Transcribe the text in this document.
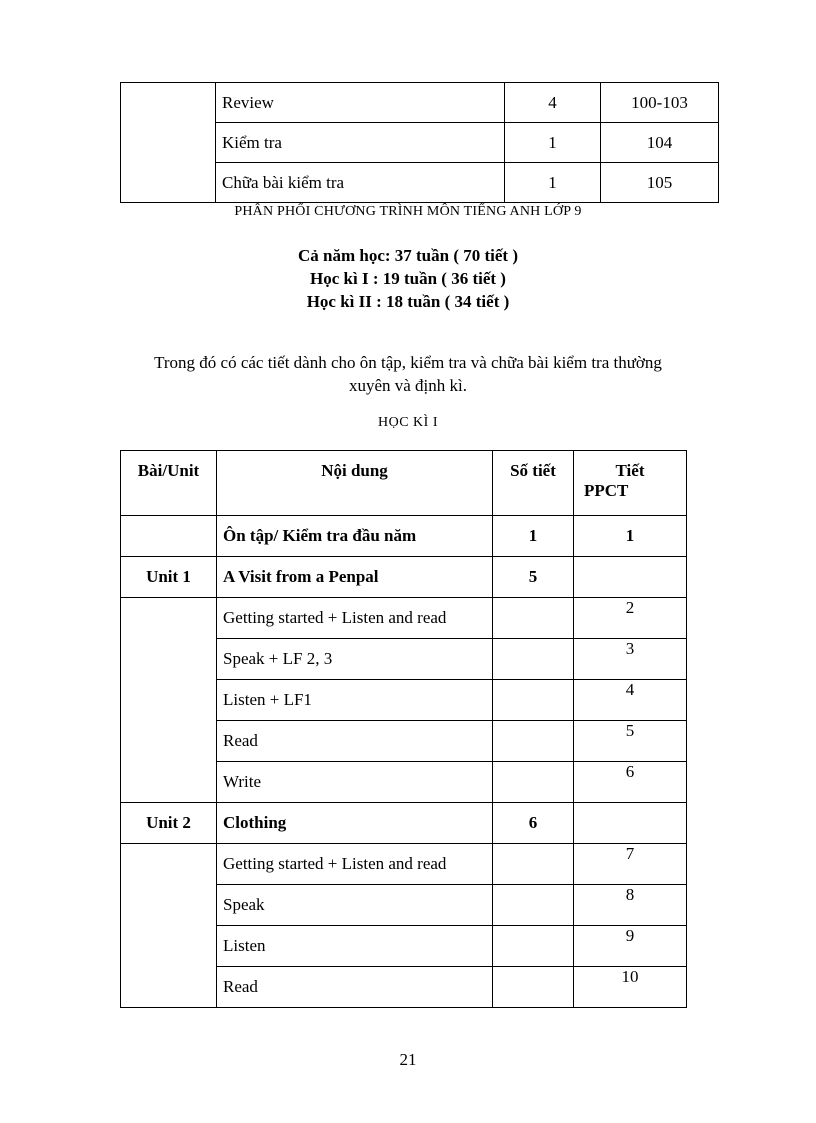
	Review	4	100-103
	Kiểm tra	1	104
	Chữa bài kiểm tra	1	105
PHÂN PHỐI CHƯƠNG TRÌNH MÔN TIẾNG ANH LỚP 9
Cả năm học: 37 tuần ( 70 tiết )
Học kì I : 19 tuần ( 36 tiết )
Học kì II : 18 tuần ( 34 tiết )
Trong đó có các tiết dành cho ôn tập, kiểm tra và chữa bài kiểm tra thường xuyên và định kì.
HỌC KÌ I
Bài/Unit	Nội dung	Số tiết	Tiết
PPCT

	Ôn tập/ Kiểm tra đầu năm	1	1
Unit 1	A Visit from a Penpal	5	
	Getting started + Listen and read		2
	Speak + LF 2, 3		3
	Listen + LF1		4
	Read		5
	Write		6
Unit 2	Clothing	6	
	Getting started + Listen and read		7
	Speak		8
	Listen		9
	Read		10
21
